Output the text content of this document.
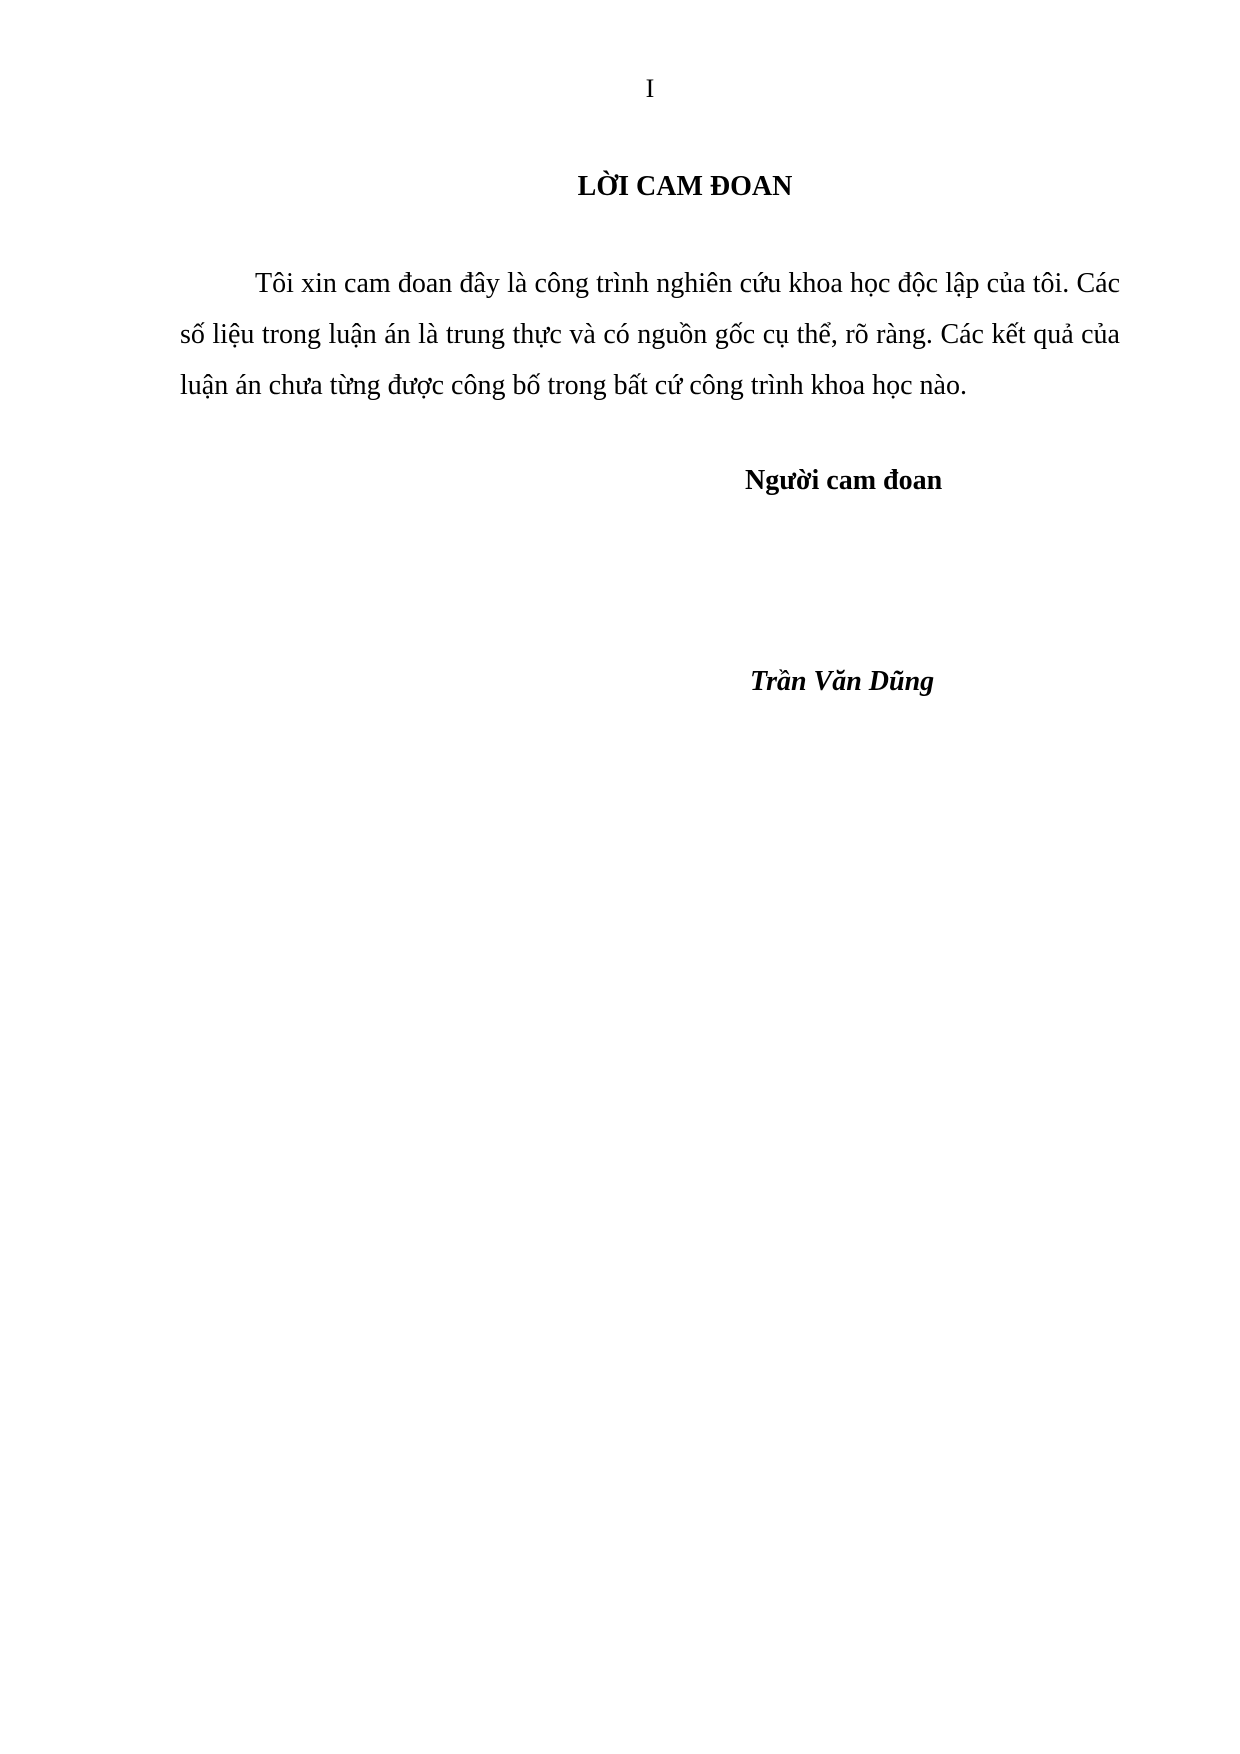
I
LỜI CAM ĐOAN

Tôi xin cam đoan đây là công trình nghiên cứu khoa học độc lập của tôi. Các số liệu trong luận án là trung thực và có nguồn gốc cụ thể, rõ ràng. Các kết quả của luận án chưa từng được công bố trong bất cứ công trình khoa học nào.

Người cam đoan
Trần Văn Dũng
